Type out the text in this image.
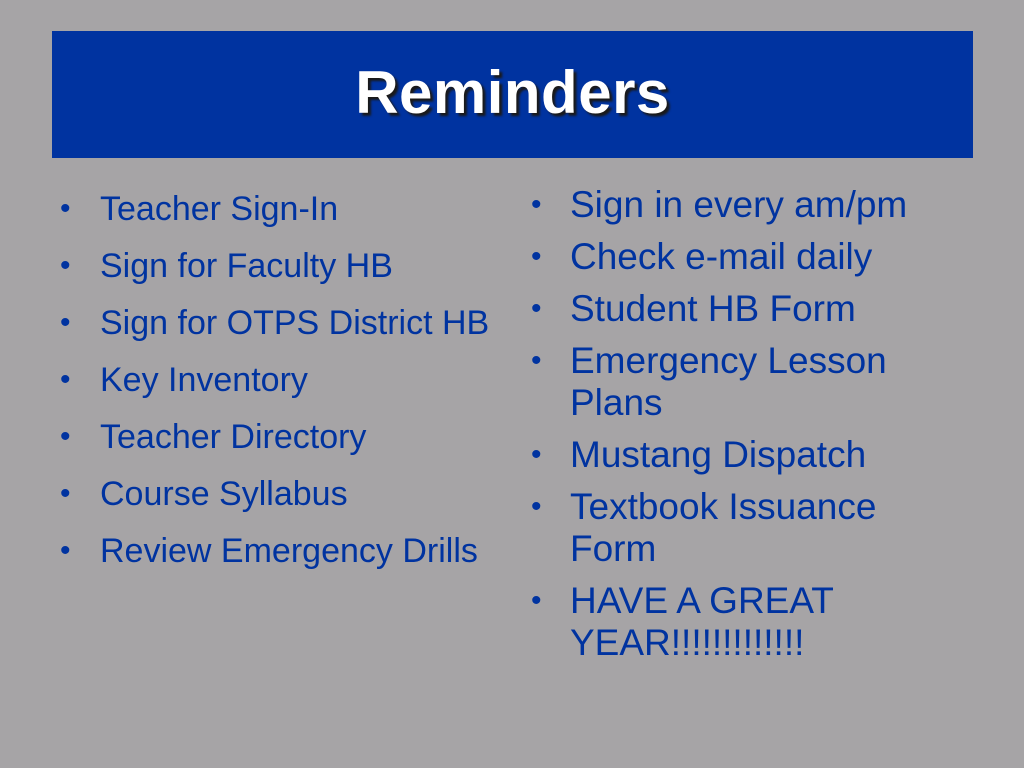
Reminders
• Teacher Sign-In
• Sign for Faculty HB
• Sign for OTPS District HB
• Key Inventory
• Teacher Directory
• Course Syllabus
• Review Emergency Drills
• Sign in every am/pm
• Check e-mail daily
• Student HB Form
• Emergency Lesson Plans
• Mustang Dispatch
• Textbook Issuance Form
• HAVE A GREAT YEAR!!!!!!!!!!!!!
